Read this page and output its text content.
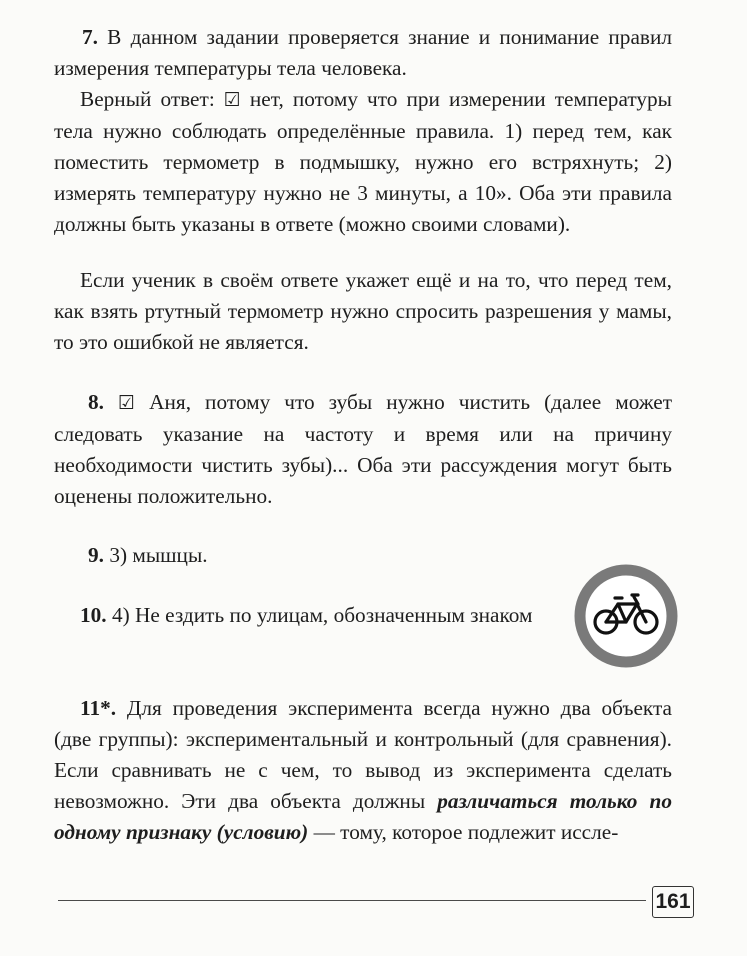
7. В данном задании проверяется знание и понимание правил измерения температуры тела человека.

Верный ответ: ☑ нет, потому что при измерении температуры тела нужно соблюдать определённые правила. 1) перед тем, как поместить термометр в подмышку, нужно его встряхнуть; 2) измерять температуру нужно не 3 минуты, а 10». Оба эти правила должны быть указаны в ответе (можно своими словами).

Если ученик в своём ответе укажет ещё и на то, что перед тем, как взять ртутный термометр нужно спросить разрешения у мамы, то это ошибкой не является.

8. ☑ Аня, потому что зубы нужно чистить (далее может следовать указание на частоту и время или на причину необходимости чистить зубы)... Оба эти рассуждения могут быть оценены положительно.

9. 3) мышцы.

10. 4) Не ездить по улицам, обозначенным знаком

11*. Для проведения эксперимента всегда нужно два объекта (две группы): экспериментальный и контрольный (для сравнения). Если сравнивать не с чем, то вывод из эксперимента сделать невозможно. Эти два объекта должны различаться только по одному признаку (условию) — тому, которое подлежит иссле-

161
